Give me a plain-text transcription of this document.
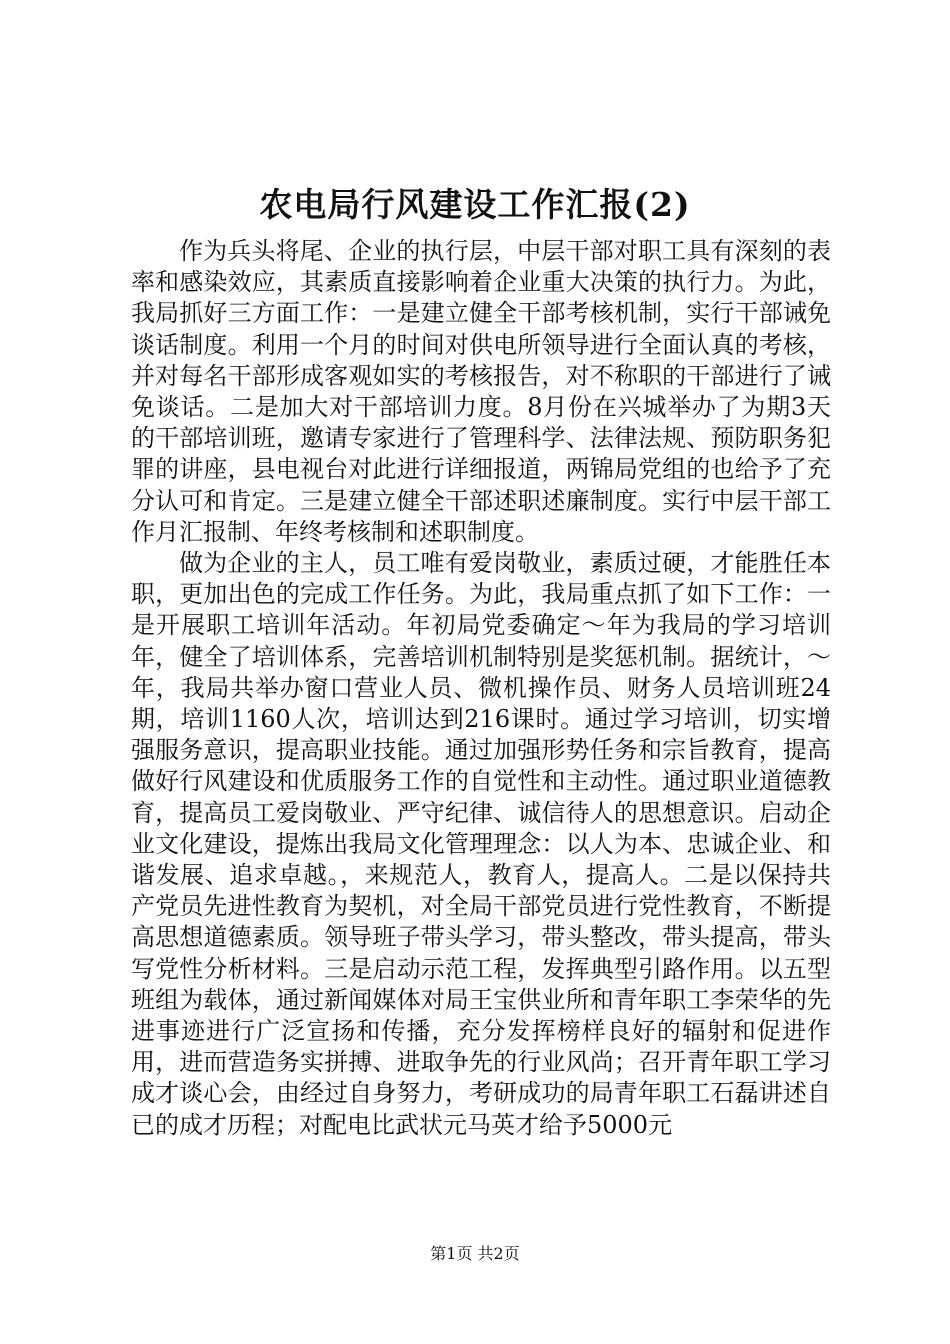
农电局行风建设工作汇报(2)

作为兵头将尾、企业的执行层，中层干部对职工具有深刻的表率和感染效应，其素质直接影响着企业重大决策的执行力。为此，我局抓好三方面工作：一是建立健全干部考核机制，实行干部诫免谈话制度。利用一个月的时间对供电所领导进行全面认真的考核，并对每名干部形成客观如实的考核报告，对不称职的干部进行了诫免谈话。二是加大对干部培训力度。8月份在兴城举办了为期3天的干部培训班，邀请专家进行了管理科学、法律法规、预防职务犯罪的讲座，县电视台对此进行详细报道，两锦局党组的也给予了充分认可和肯定。三是建立健全干部述职述廉制度。实行中层干部工作月汇报制、年终考核制和述职制度。

做为企业的主人，员工唯有爱岗敬业，素质过硬，才能胜任本职，更加出色的完成工作任务。为此，我局重点抓了如下工作：一是开展职工培训年活动。年初局党委确定～年为我局的学习培训年，健全了培训体系，完善培训机制特别是奖惩机制。据统计，～年，我局共举办窗口营业人员、微机操作员、财务人员培训班24期，培训1160人次，培训达到216课时。通过学习培训，切实增强服务意识，提高职业技能。通过加强形势任务和宗旨教育，提高做好行风建设和优质服务工作的自觉性和主动性。通过职业道德教育，提高员工爱岗敬业、严守纪律、诚信待人的思想意识。启动企业文化建设，提炼出我局文化管理理念：以人为本、忠诚企业、和谐发展、追求卓越。，来规范人，教育人，提高人。二是以保持共产党员先进性教育为契机，对全局干部党员进行党性教育，不断提高思想道德素质。领导班子带头学习，带头整改，带头提高，带头写党性分析材料。三是启动示范工程，发挥典型引路作用。以五型班组为载体，通过新闻媒体对局王宝供业所和青年职工李荣华的先进事迹进行广泛宣扬和传播，充分发挥榜样良好的辐射和促进作用，进而营造务实拼搏、进取争先的行业风尚；召开青年职工学习成才谈心会，由经过自身努力，考研成功的局青年职工石磊讲述自已的成才历程；对配电比武状元马英才给予5000元

第1页 共2页
